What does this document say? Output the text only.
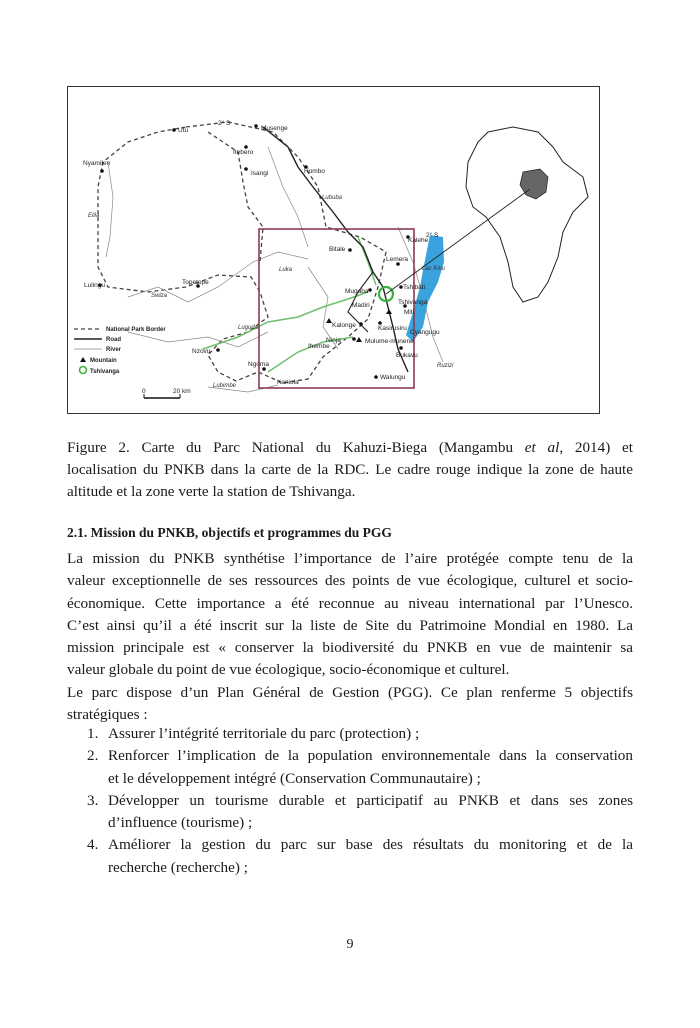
Utu	Musenge
Itebero
Nyamilen
Isangi	Hombo
Bitale
Lulingu	Topetope
Kalehe
Lemera
Tshibati
Mugaba
Madiri	Tshivanga
Miti
Kalonge	Kasirusiru
Cyangugu
Ninja	Mulume-munene
Bukavu
Ihembe
Nzovu
Ngoma
Walungu
Kaniola
Luka
Swiza
Luguda
Lubimbe
Lububa
Elila
Ruzizi
Lac Kivu
2° S
2° S
National Park Border
Road
River
Mountain
Tshivanga
0	20 km
Figure 2. Carte du Parc National du Kahuzi-Biega (Mangambu et al, 2014) et
localisation du PNKB dans la carte de la RDC. Le cadre rouge indique la zone de haute
altitude et la zone verte la station de Tshivanga.
2.1. Mission du PNKB, objectifs et programmes du PGG
La mission du PNKB synthétise l’importance de l’aire protégée compte tenu de la
valeur exceptionnelle de ses ressources des points de vue écologique, culturel et socio-
économique. Cette importance a été reconnue au niveau international par l’Unesco.
C’est ainsi qu’il a été inscrit sur la liste de Site du Patrimoine Mondial en 1980. La
mission principale est « conserver la biodiversité du PNKB en vue de maintenir sa
valeur globale du point de vue écologique, socio-économique et culturel.
Le parc dispose d’un Plan Général de Gestion (PGG). Ce plan renferme 5 objectifs
stratégiques :
1. Assurer l’intégrité territoriale du parc (protection) ;
2. Renforcer l’implication de la population environnementale dans la conservation
et le développement intégré (Conservation Communautaire) ;
3. Développer un tourisme durable et participatif au PNKB et dans ses zones
d’influence (tourisme) ;
4. Améliorer la gestion du parc sur base des résultats du monitoring et de la
recherche (recherche) ;
9
